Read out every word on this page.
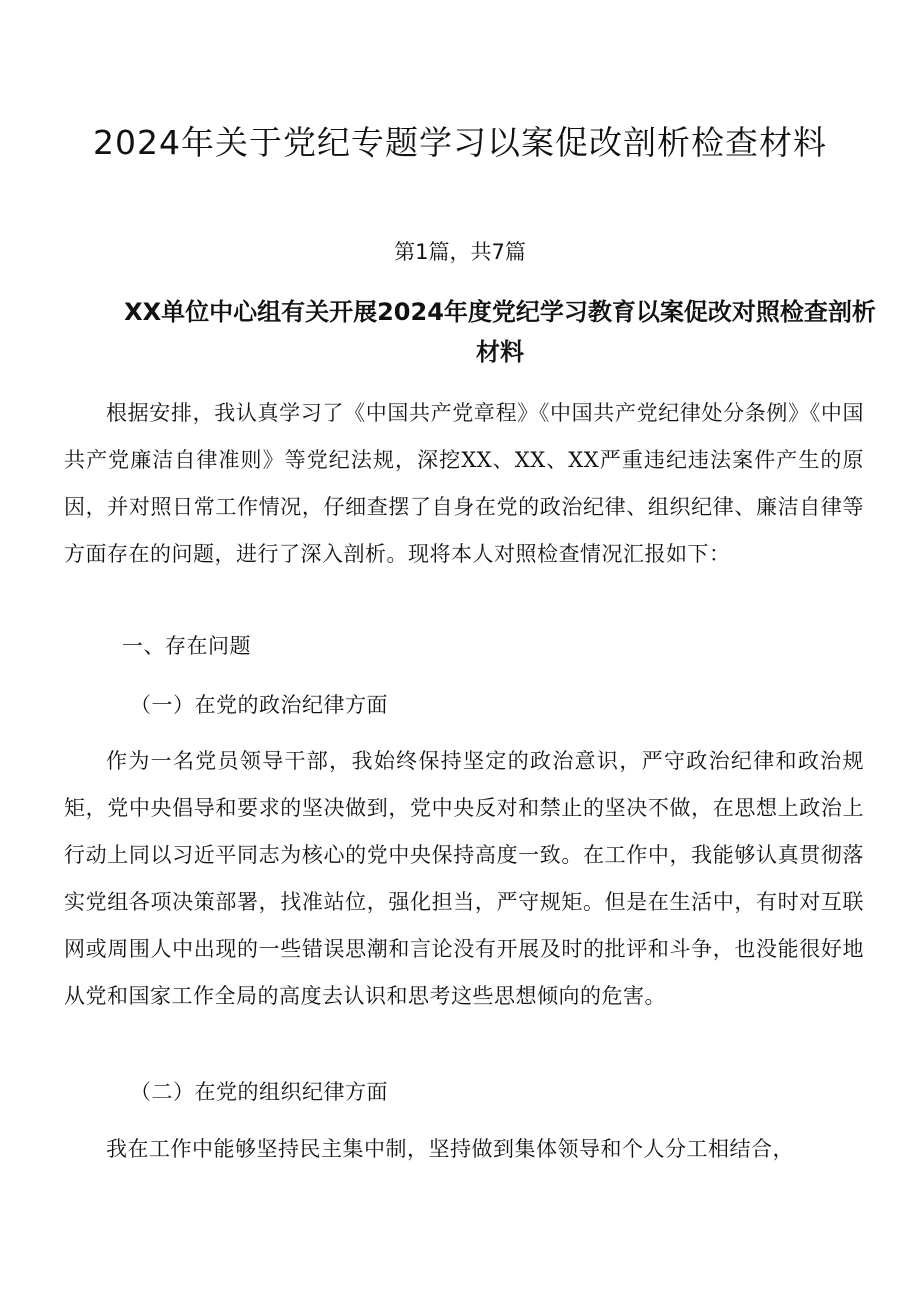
2024年关于党纪专题学习以案促改剖析检查材料

第1篇，共7篇

XX单位中心组有关开展2024年度党纪学习教育以案促改对照检查剖析材料

根据安排，我认真学习了《中国共产党章程》《中国共产党纪律处分条例》《中国共产党廉洁自律准则》等党纪法规，深挖XX、XX、XX严重违纪违法案件产生的原因，并对照日常工作情况，仔细查摆了自身在党的政治纪律、组织纪律、廉洁自律等方面存在的问题，进行了深入剖析。现将本人对照检查情况汇报如下：

一、存在问题

（一）在党的政治纪律方面

作为一名党员领导干部，我始终保持坚定的政治意识，严守政治纪律和政治规矩，党中央倡导和要求的坚决做到，党中央反对和禁止的坚决不做，在思想上政治上行动上同以习近平同志为核心的党中央保持高度一致。在工作中，我能够认真贯彻落实党组各项决策部署，找准站位，强化担当，严守规矩。但是在生活中，有时对互联网或周围人中出现的一些错误思潮和言论没有开展及时的批评和斗争，也没能很好地从党和国家工作全局的高度去认识和思考这些思想倾向的危害。

（二）在党的组织纪律方面

我在工作中能够坚持民主集中制，坚持做到集体领导和个人分工相结合，
